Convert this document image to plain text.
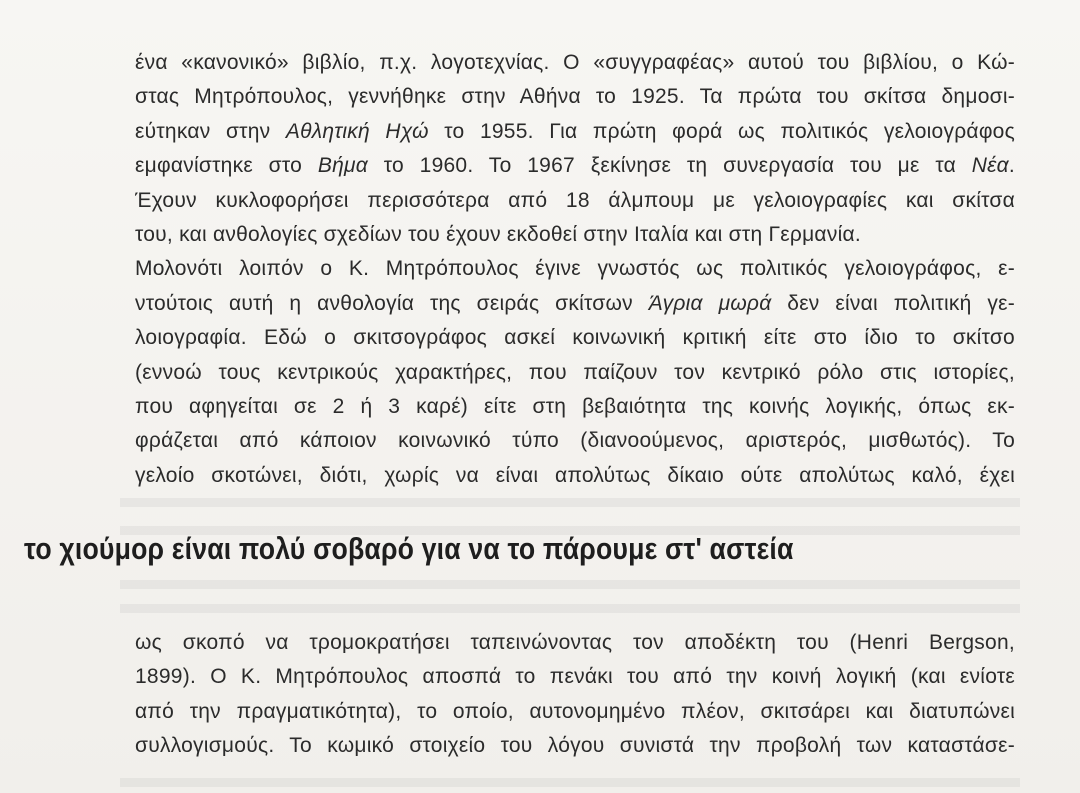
ένα «κανονικό» βιβλίο, π.χ. λογοτεχνίας. Ο «συγγραφέας» αυτού του βιβλίου, ο Κώ-
στας Μητρόπουλος, γεννήθηκε στην Αθήνα το 1925. Τα πρώτα του σκίτσα δημοσι-
εύτηκαν στην Αθλητική Ηχώ το 1955. Για πρώτη φορά ως πολιτικός γελοιογράφος
εμφανίστηκε στο Βήμα το 1960. Το 1967 ξεκίνησε τη συνεργασία του με τα Νέα.
Έχουν κυκλοφορήσει περισσότερα από 18 άλμπουμ με γελοιογραφίες και σκίτσα
του, και ανθολογίες σχεδίων του έχουν εκδοθεί στην Ιταλία και στη Γερμανία.
Μολονότι λοιπόν ο Κ. Μητρόπουλος έγινε γνωστός ως πολιτικός γελοιογράφος, ε-
ντούτοις αυτή η ανθολογία της σειράς σκίτσων Άγρια μωρά δεν είναι πολιτική γε-
λοιογραφία. Εδώ ο σκιτσογράφος ασκεί κοινωνική κριτική είτε στο ίδιο το σκίτσο
(εννοώ τους κεντρικούς χαρακτήρες, που παίζουν τον κεντρικό ρόλο στις ιστορίες,
που αφηγείται σε 2 ή 3 καρέ) είτε στη βεβαιότητα της κοινής λογικής, όπως εκ-
φράζεται από κάποιον κοινωνικό τύπο (διανοούμενος, αριστερός, μισθωτός). Το
γελοίο σκοτώνει, διότι, χωρίς να είναι απολύτως δίκαιο ούτε απολύτως καλό, έχει
το χιούμορ είναι πολύ σοβαρό για να το πάρουμε στ' αστεία
ως σκοπό να τρομοκρατήσει ταπεινώνοντας τον αποδέκτη του (Henri Bergson,
1899). Ο Κ. Μητρόπουλος αποσπά το πενάκι του από την κοινή λογική (και ενίοτε
από την πραγματικότητα), το οποίο, αυτονομημένο πλέον, σκιτσάρει και διατυπώνει
συλλογισμούς. Το κωμικό στοιχείο του λόγου συνιστά την προβολή των καταστάσε-
